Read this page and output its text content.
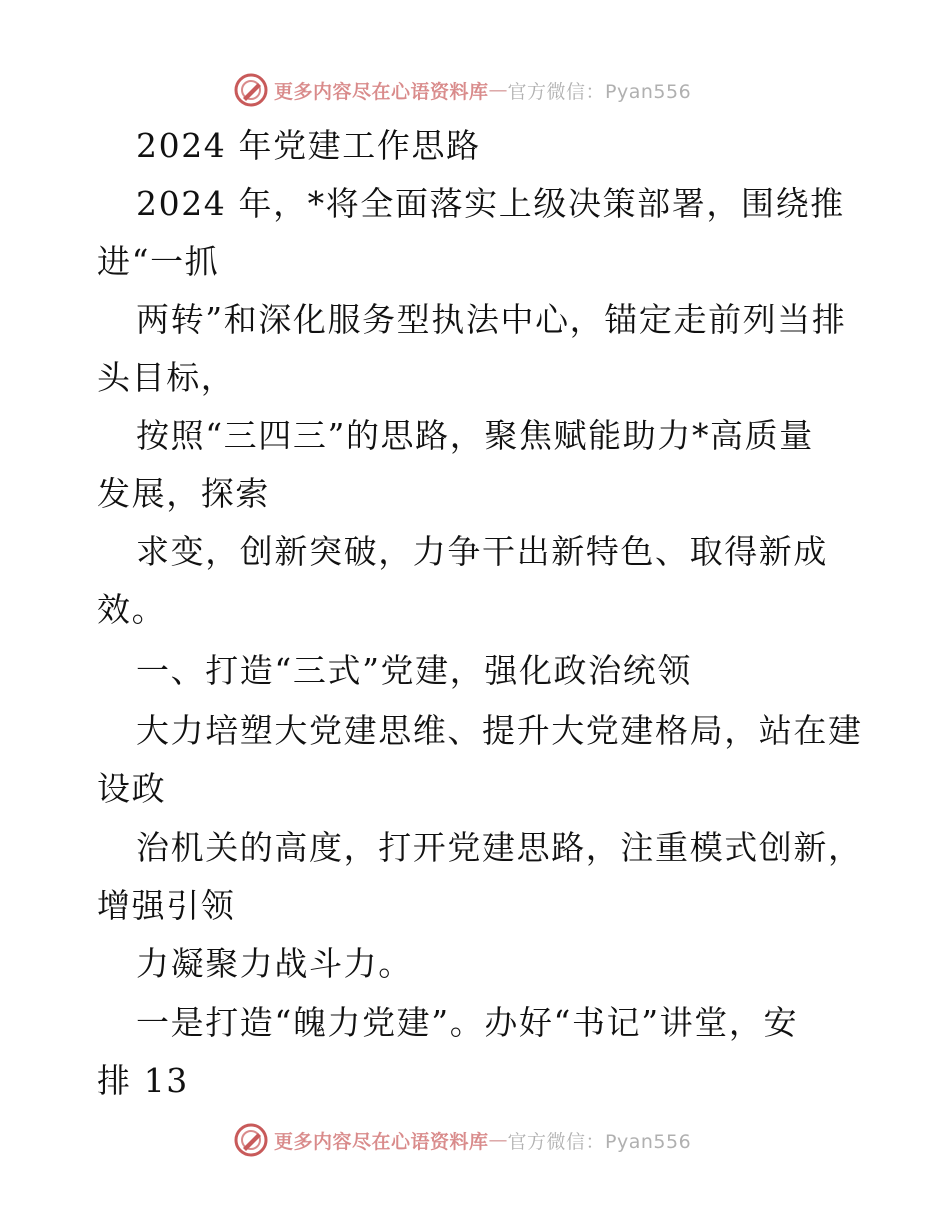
更多内容尽在心语资料库 — 官方微信：Pyan556
2024 年党建工作思路
2024 年，*将全面落实上级决策部署，围绕推
进“一抓
两转”和深化服务型执法中心，锚定走前列当排
头目标，
按照“三四三”的思路，聚焦赋能助力*高质量
发展，探索
求变，创新突破，力争干出新特色、取得新成
效。
一、打造“三式”党建，强化政治统领
大力培塑大党建思维、提升大党建格局，站在建
设政
治机关的高度，打开党建思路，注重模式创新，
增强引领
力凝聚力战斗力。
一是打造“魄力党建”。办好“书记”讲堂，安
排 13
更多内容尽在心语资料库 — 官方微信：Pyan556
